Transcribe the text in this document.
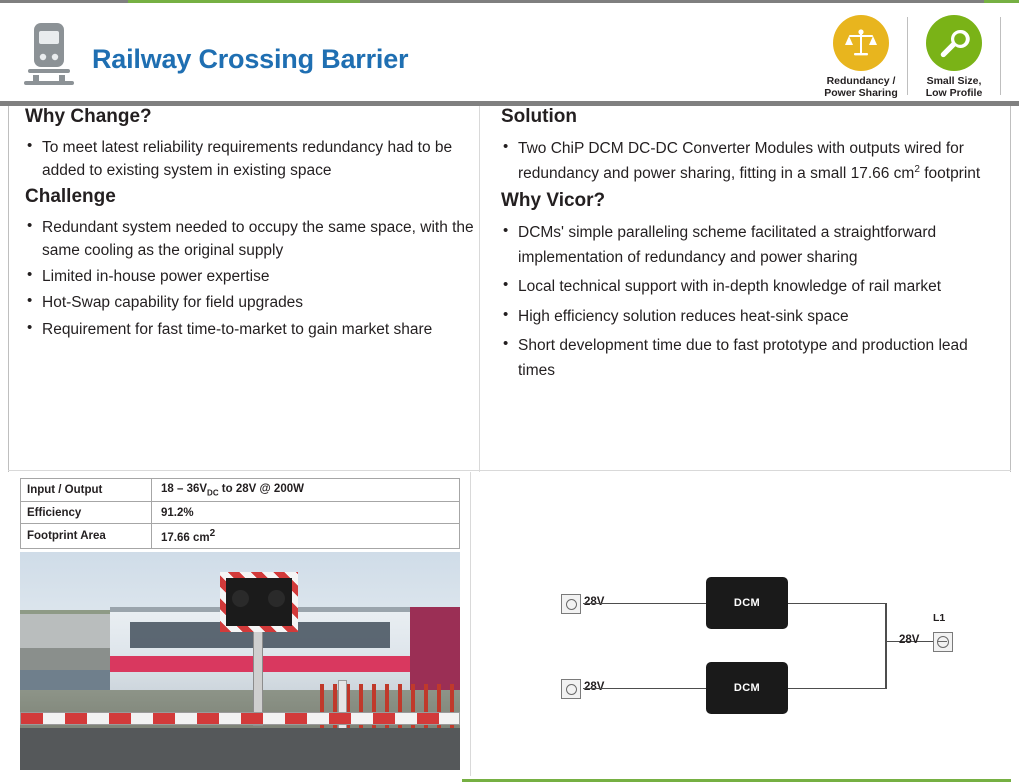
Railway Crossing Barrier
Redundancy /
Power Sharing
Small Size,
Low Profile
Why Change?
• To meet latest reliability requirements redundancy had to be added to existing system in existing space
Challenge
• Redundant system needed to occupy the same space, with the same cooling as the original supply
• Limited in-house power expertise
• Hot-Swap capability for field upgrades
• Requirement for fast time-to-market to gain market share
Solution
• Two ChiP DCM DC-DC Converter Modules with outputs wired for redundancy and power sharing, fitting in a small 17.66 $cm^2$ footprint
Why Vicor?
• DCMs' simple paralleling scheme facilitated a straightforward implementation of redundancy and power sharing
• Local technical support with in-depth knowledge of rail market
• High efficiency solution reduces heat-sink space
• Short development time due to fast prototype and production lead times
Input / Output	$18 - 36V_{DC}$ to 28V @ 200W
Efficiency	91.2%
Footprint Area	17.66 $cm^2$
DCM
DCM
28V
L1
